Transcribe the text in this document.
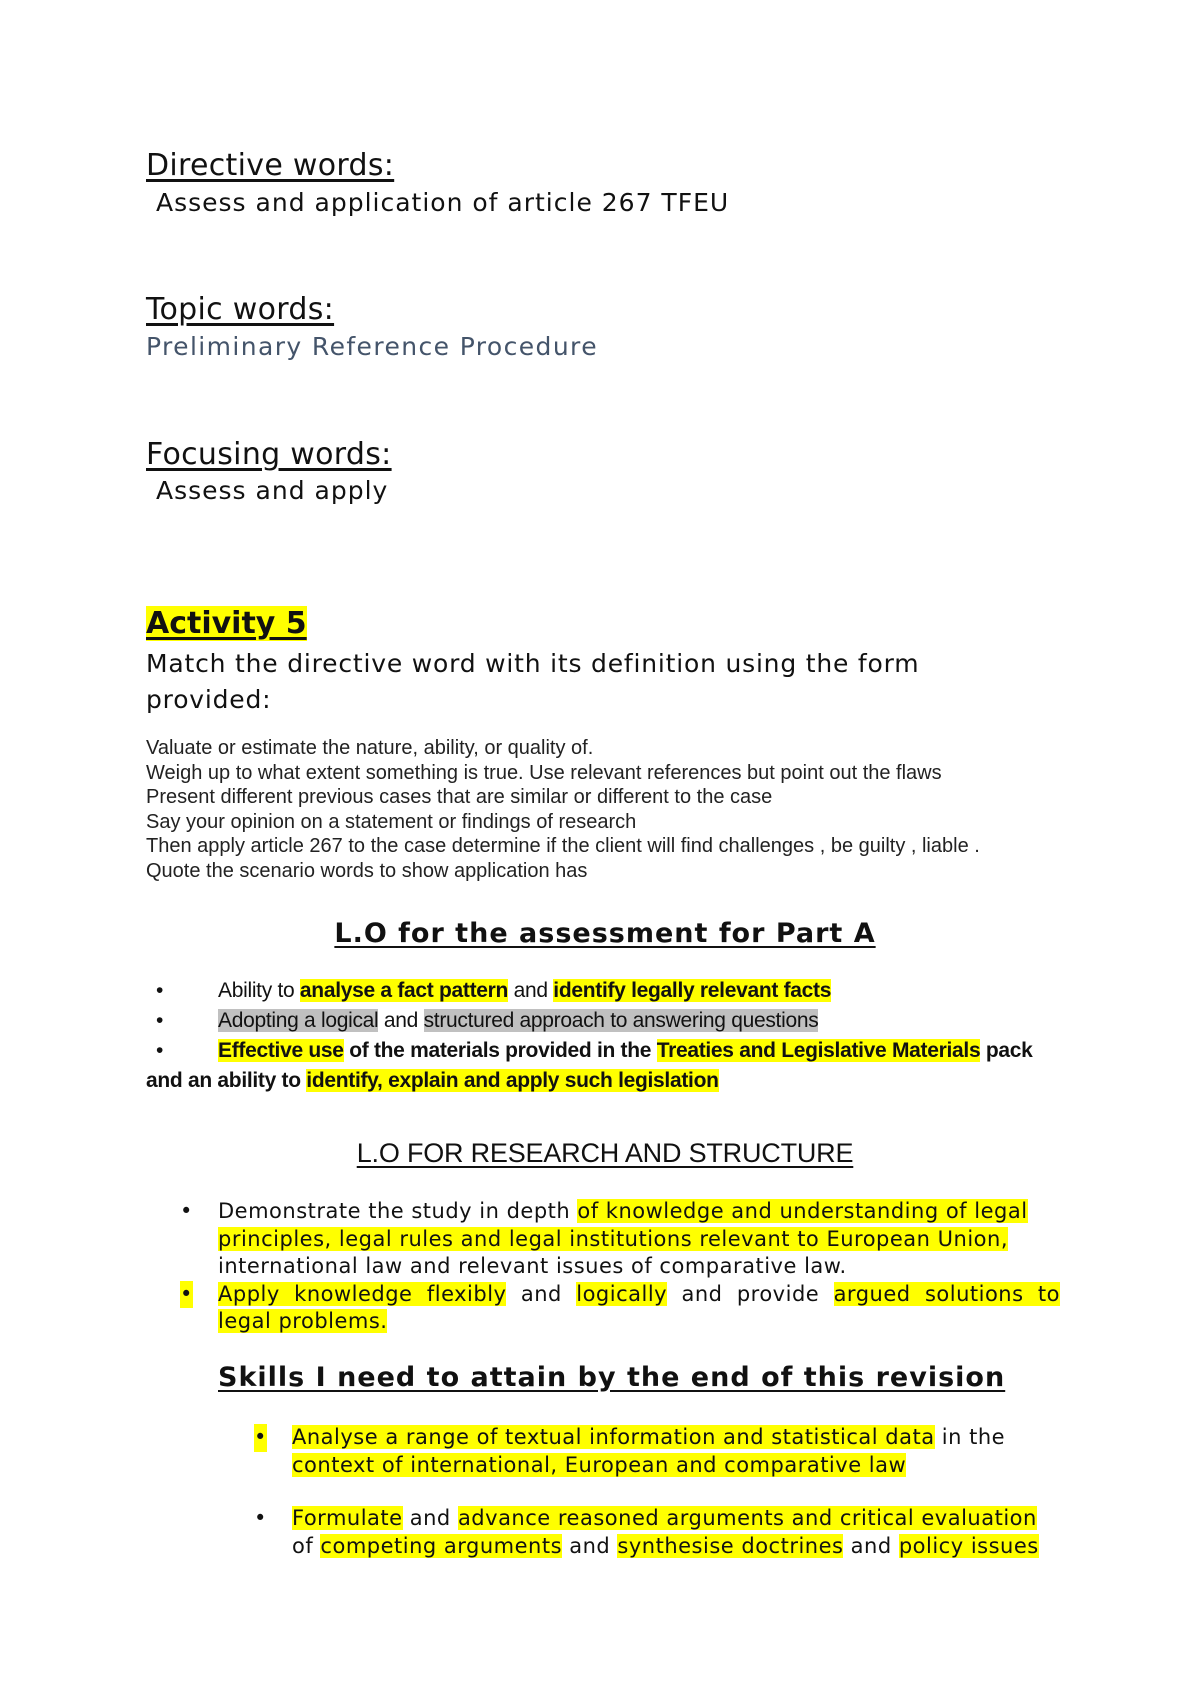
Directive words:
Assess and application of article 267 TFEU
Topic words:
Preliminary Reference Procedure
Focusing words:
Assess and apply
Activity 5
Match the directive word with its definition using the form provided:
Valuate or estimate the nature, ability, or quality of.
Weigh up to what extent something is true. Use relevant references but point out the flaws
Present different previous cases that are similar or different to the case
Say your opinion on a statement or findings of research
Then apply article 267 to the case determine if the client will find challenges , be guilty , liable .
Quote the scenario words to show application has
L.O for the assessment for Part A
•	Ability to analyse a fact pattern and identify legally relevant facts
•	Adopting a logical and structured approach to answering questions
•	Effective use of the materials provided in the Treaties and Legislative Materials pack
and an ability to identify, explain and apply such legislation
L.O FOR RESEARCH AND STRUCTURE
• Demonstrate the study in depth of knowledge and understanding of legal
principles, legal rules and legal institutions relevant to European Union,
international law and relevant issues of comparative law.
• Apply knowledge flexibly and logically and provide argued solutions to
legal problems.
Skills I need to attain by the end of this revision
• Analyse a range of textual information and statistical data in the
context of international, European and comparative law
• Formulate and advance reasoned arguments and critical evaluation
of competing arguments and synthesise doctrines and policy issues
